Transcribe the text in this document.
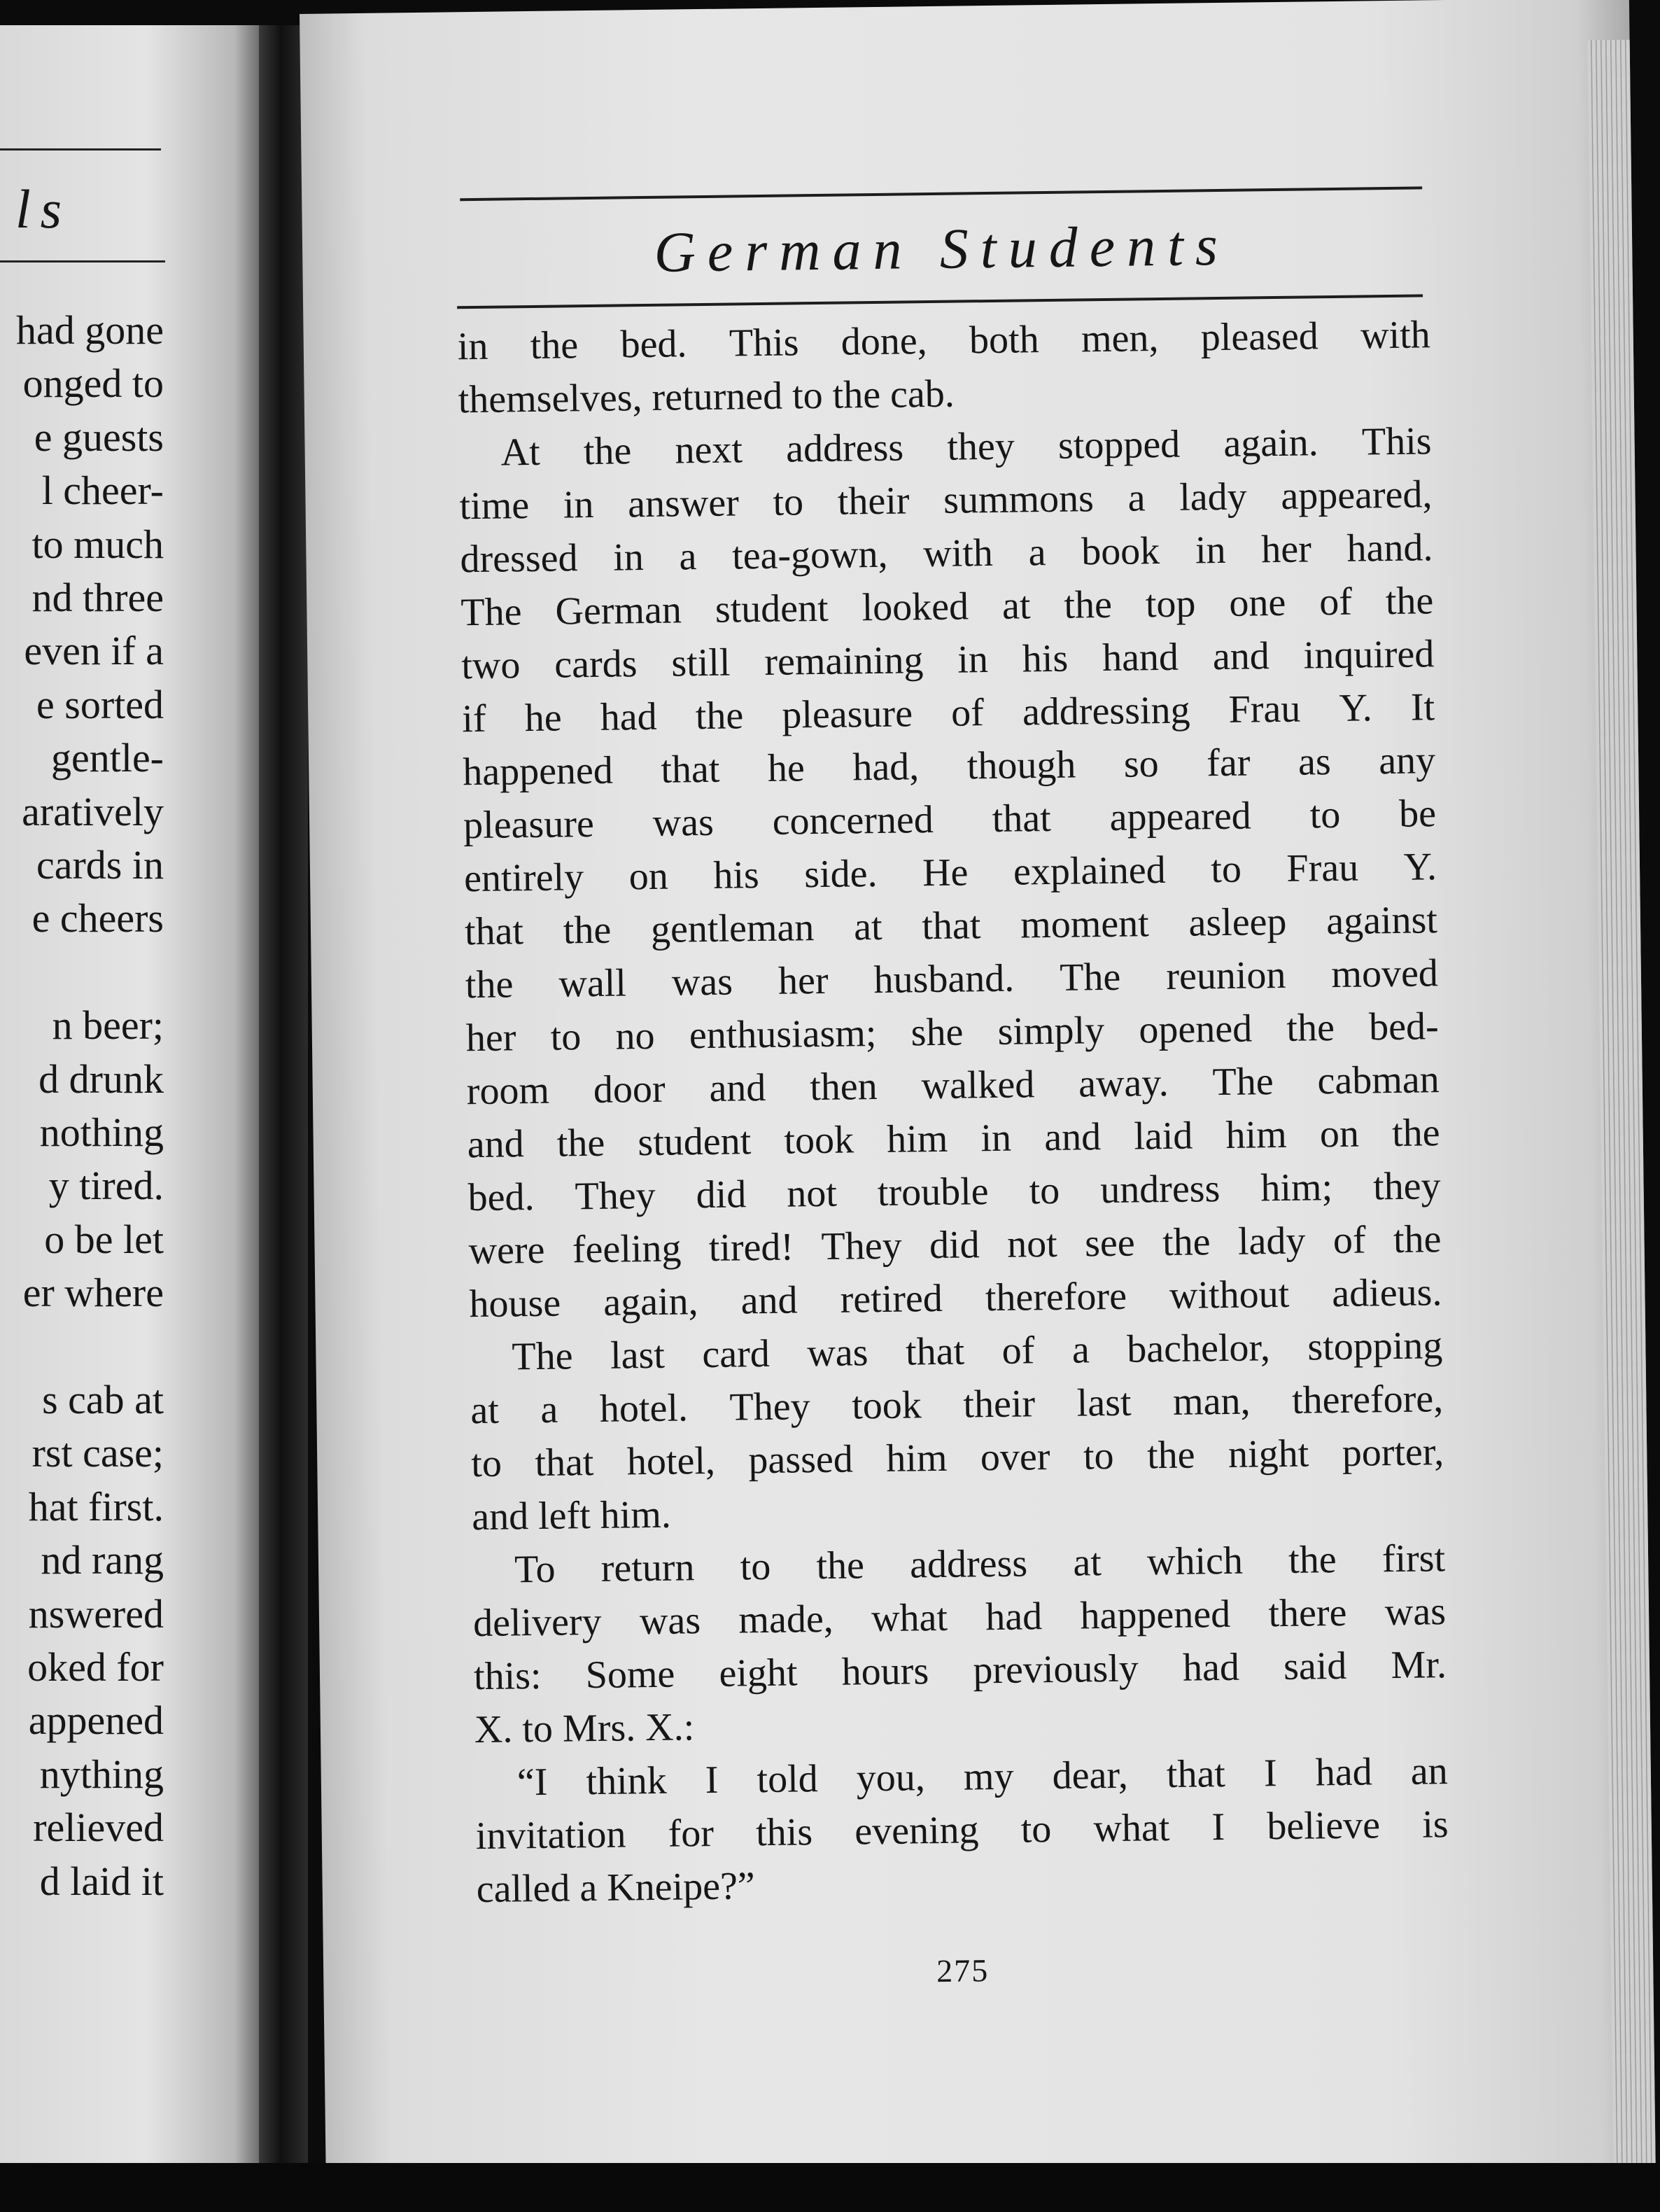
ls
had gone
onged to
e guests
l cheer-
to much
nd three
even if a
e sorted
gentle-
aratively
cards in
e cheers
n beer;
d drunk
nothing
y tired.
o be let
er where
s cab at
rst case;
hat first.
nd rang
nswered
oked for
appened
nything
relieved
d laid it
German Students
in the bed. This done, both men, pleased with
themselves, returned to the cab.
At the next address they stopped again. This
time in answer to their summons a lady appeared,
dressed in a tea-gown, with a book in her hand.
The German student looked at the top one of the
two cards still remaining in his hand and inquired
if he had the pleasure of addressing Frau Y. It
happened that he had, though so far as any
pleasure was concerned that appeared to be
entirely on his side. He explained to Frau Y.
that the gentleman at that moment asleep against
the wall was her husband. The reunion moved
her to no enthusiasm; she simply opened the bed-
room door and then walked away. The cabman
and the student took him in and laid him on the
bed. They did not trouble to undress him; they
were feeling tired! They did not see the lady of the
house again, and retired therefore without adieus.
The last card was that of a bachelor, stopping
at a hotel. They took their last man, therefore,
to that hotel, passed him over to the night porter,
and left him.
To return to the address at which the first
delivery was made, what had happened there was
this: Some eight hours previously had said Mr.
X. to Mrs. X.:
“I think I told you, my dear, that I had an
invitation for this evening to what I believe is
called a Kneipe?”
275
